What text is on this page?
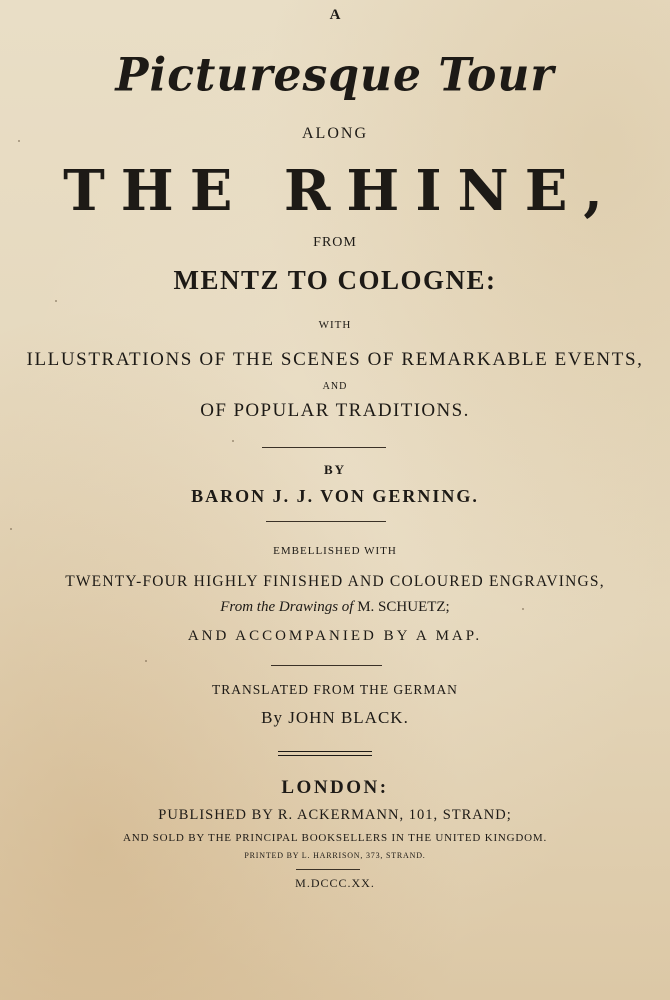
A
Picturesque Tour
ALONG
THE RHINE,
FROM
MENTZ TO COLOGNE:
WITH
ILLUSTRATIONS OF THE SCENES OF REMARKABLE EVENTS,
AND
OF POPULAR TRADITIONS.
BY
BARON J. J. VON GERNING.
EMBELLISHED WITH
TWENTY-FOUR HIGHLY FINISHED AND COLOURED ENGRAVINGS,
From the Drawings of M. SCHUETZ;
AND ACCOMPANIED BY A MAP.
TRANSLATED FROM THE GERMAN
By JOHN BLACK.
LONDON:
PUBLISHED BY R. ACKERMANN, 101, STRAND;
AND SOLD BY THE PRINCIPAL BOOKSELLERS IN THE UNITED KINGDOM.
PRINTED BY L. HARRISON, 373, STRAND.
M.DCCC.XX.
